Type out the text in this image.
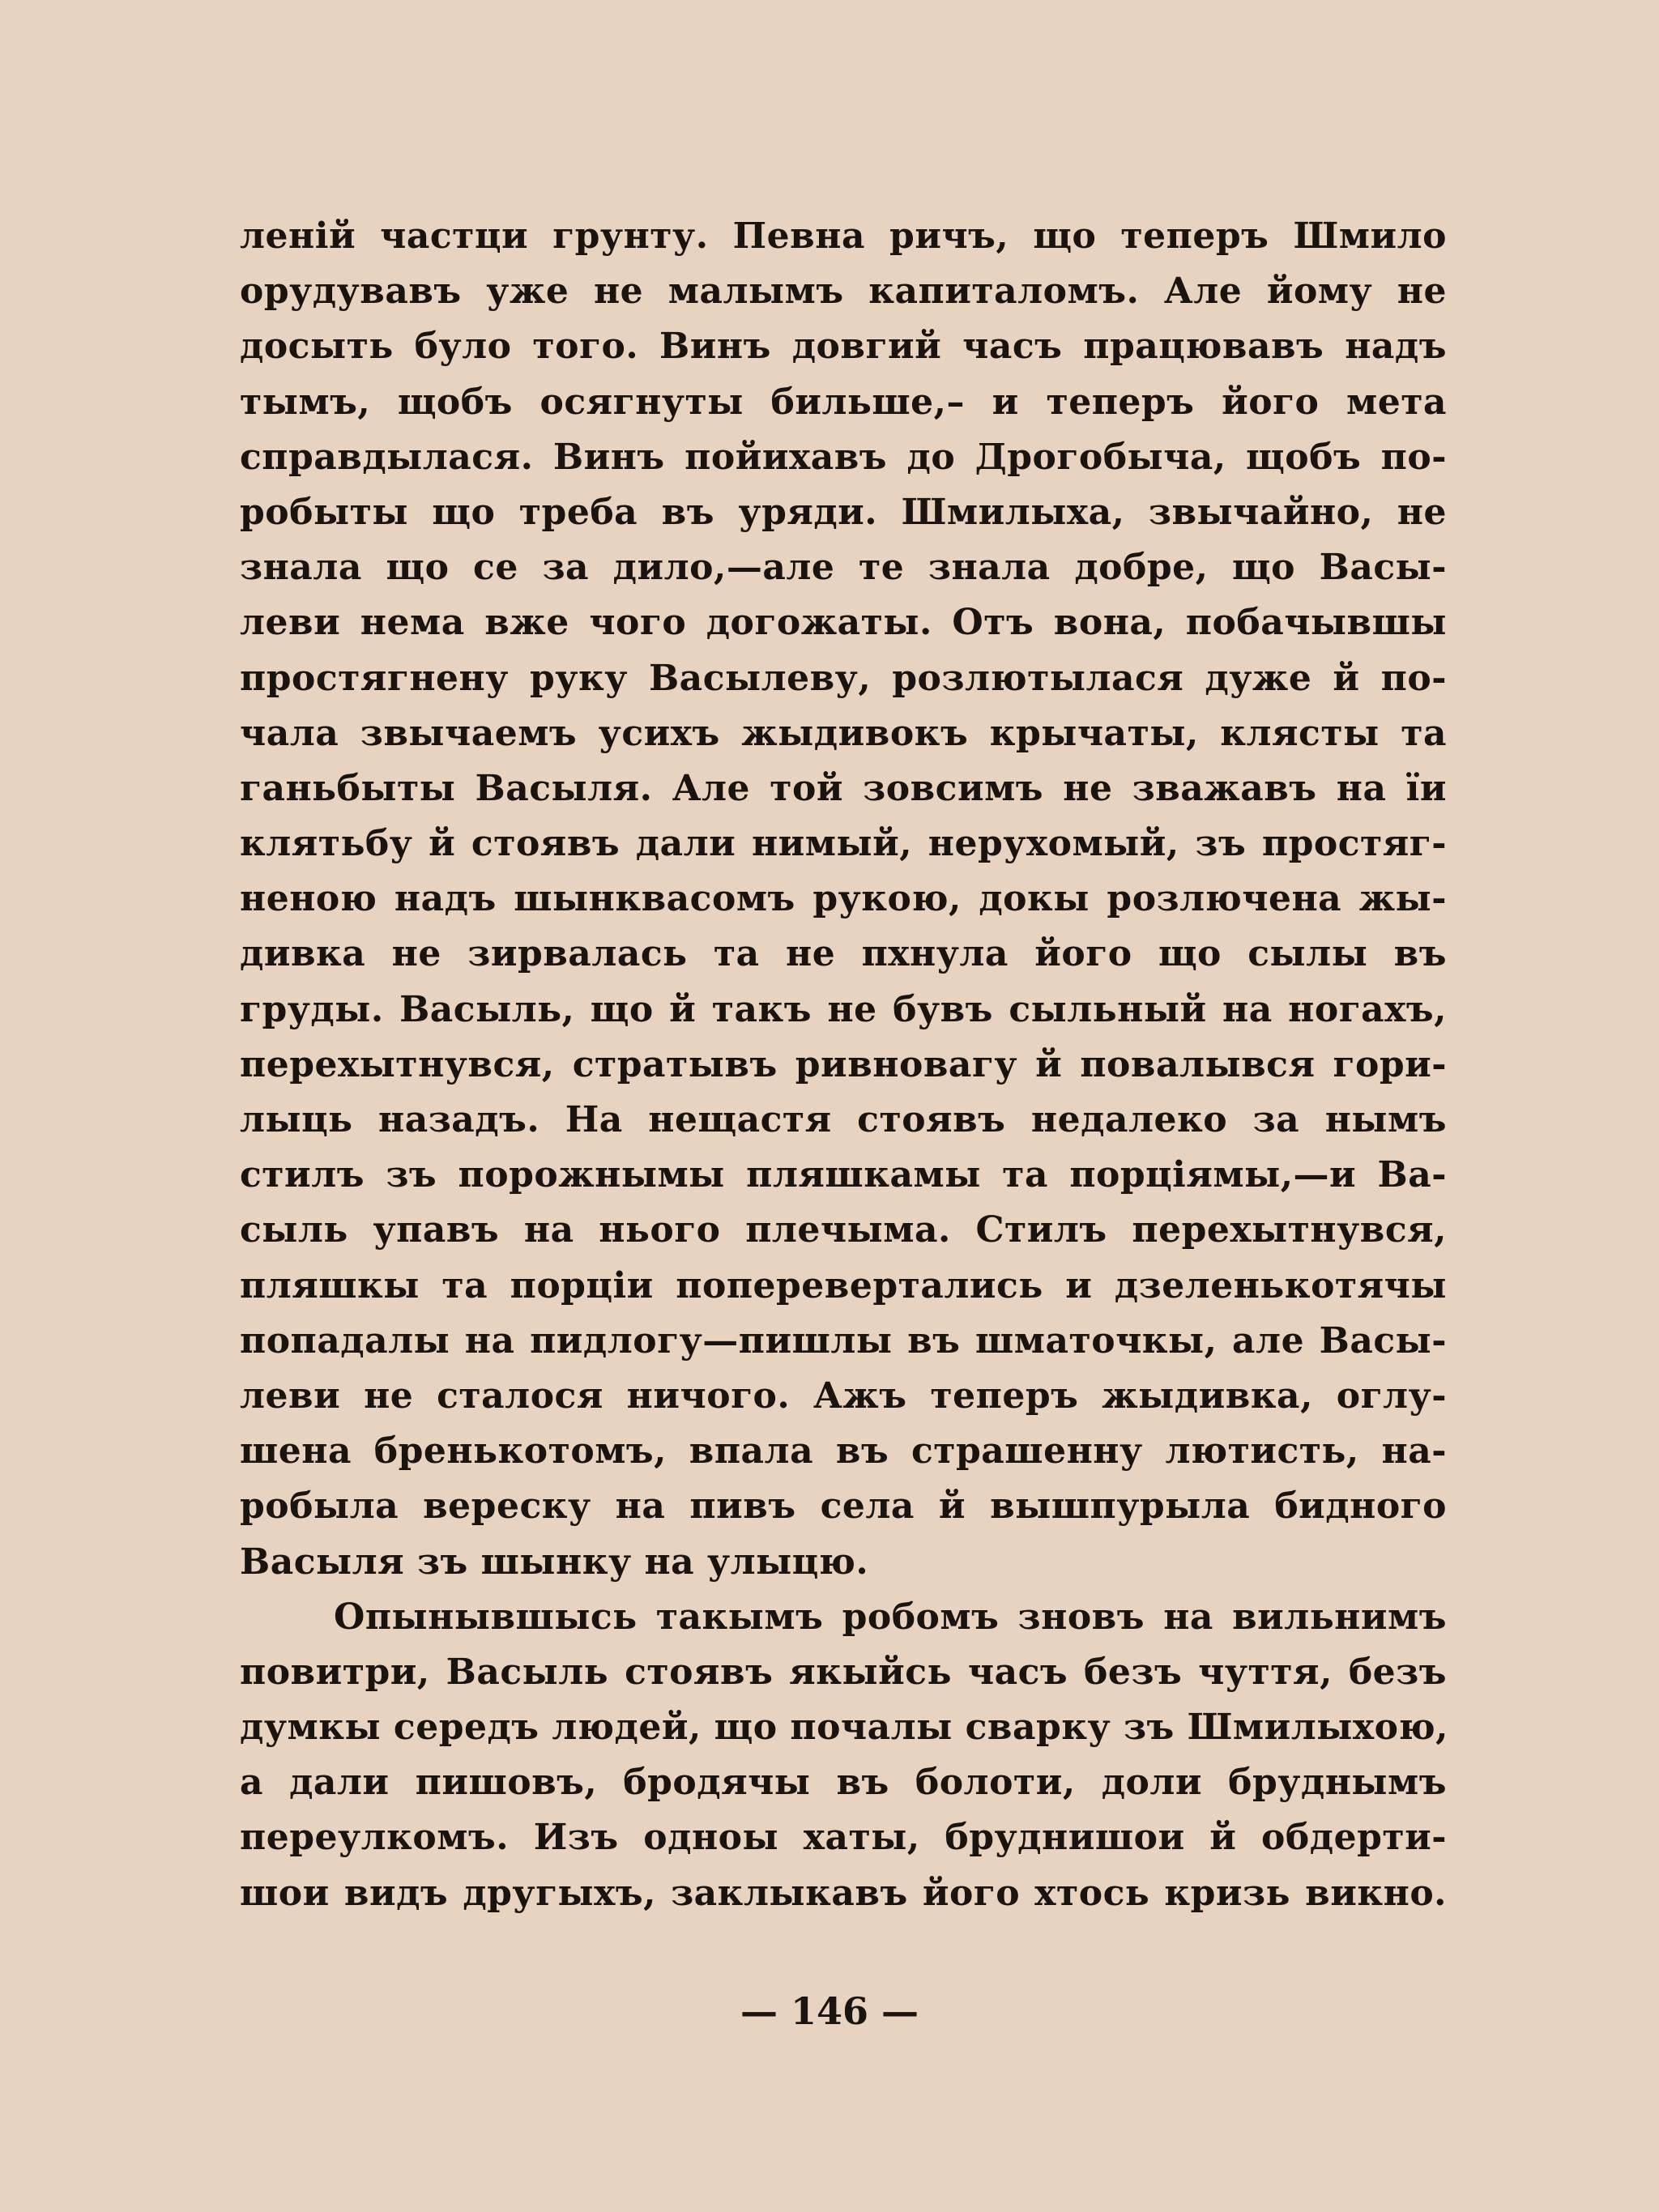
леній частци грунту. Певна ричъ, що теперъ Шмило
орудувавъ уже не малымъ капиталомъ. Але йому не
досыть було того. Винъ довгий часъ працювавъ надъ
тымъ, щобъ осягнуты бильше,– и теперъ його мета
справдылася. Винъ пойихавъ до Дрогобыча, щобъ по-
робыты що треба въ уряди. Шмилыха, звычайно, не
знала що се за дило,—але те знала добре, що Васы-
леви нема вже чого догожаты. Отъ вона, побачывшы
простягнену руку Васылеву, розлютылася дуже й по-
чала звычаемъ усихъ жыдивокъ крычаты, клясты та
ганьбыты Васыля. Але той зовсимъ не зважавъ на ïи
клятьбу й стоявъ дали нимый, нерухомый, зъ простяг-
неною надъ шынквасомъ рукою, докы розлючена жы-
дивка не зирвалась та не пхнула його що сылы въ
груды. Васыль, що й такъ не бувъ сыльный на ногахъ,
перехытнувся, стратывъ ривновагу й повалывся гори-
лыць назадъ. На нещастя стоявъ недалеко за нымъ
стилъ зъ порожнымы пляшкамы та порціямы,—и Ва-
сыль упавъ на нього плечыма. Стилъ перехытнувся,
пляшкы та порціи поперевертались и дзеленькотячы
попадалы на пидлогу—пишлы въ шматочкы, але Васы-
леви не сталося ничого. Ажъ теперъ жыдивка, оглу-
шена бренькотомъ, впала въ страшенну лютисть, на-
робыла вереску на пивъ села й вышпурыла бидного
Васыля зъ шынку на улыцю.
Опынывшысь такымъ робомъ зновъ на вильнимъ
повитри, Васыль стоявъ якыйсь часъ безъ чуття, безъ
думкы середъ людей, що почалы сварку зъ Шмилыхою,
а дали пишовъ, бродячы въ болоти, доли бруднымъ
переулкомъ. Изъ одноы хаты, бруднишои й обдерти-
шои видъ другыхъ, заклыкавъ його хтось кризь викно.
— 146 —
